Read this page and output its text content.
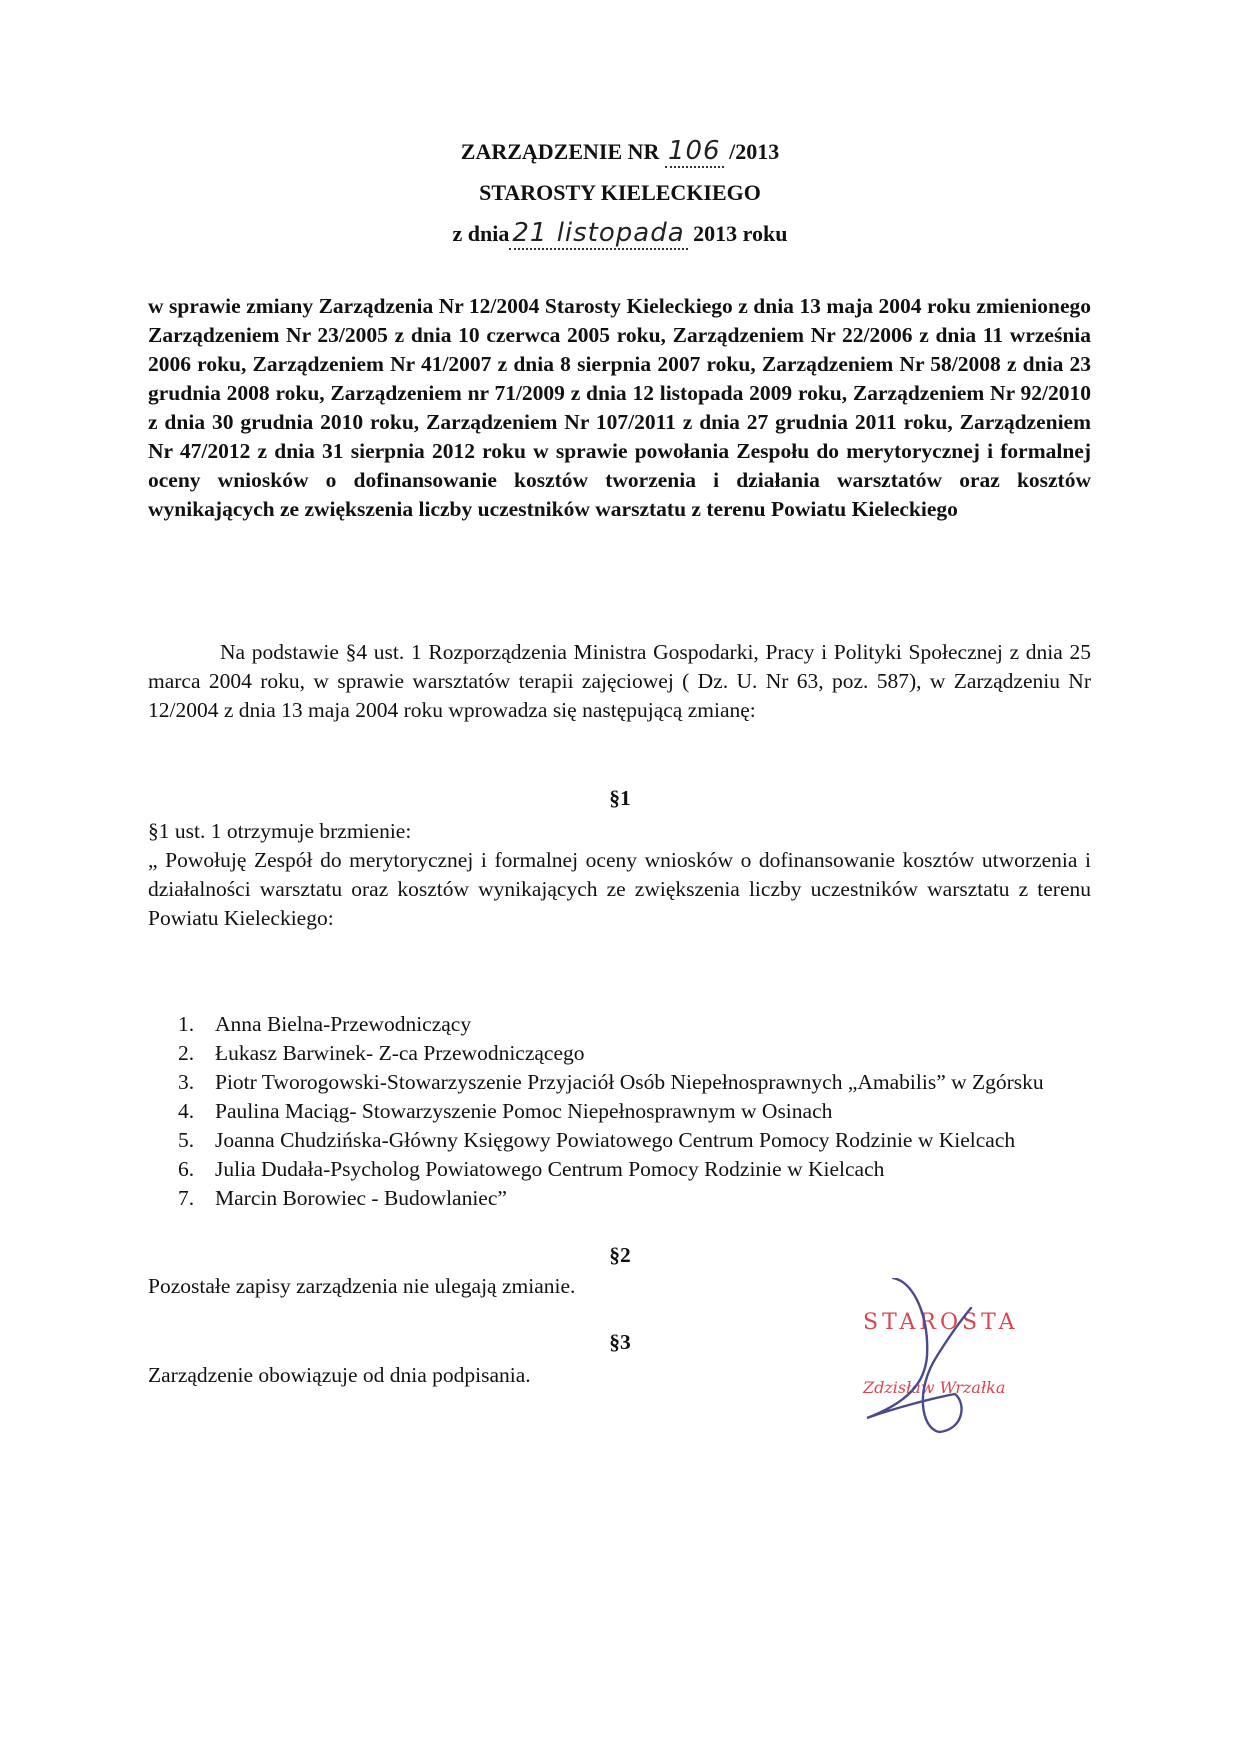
ZARZĄDZENIE NR 106 /2013
STAROSTY KIELECKIEGO
z dnia 21 listopada 2013 roku
w sprawie zmiany Zarządzenia Nr 12/2004 Starosty Kieleckiego z dnia 13 maja 2004 roku zmienionego Zarządzeniem Nr 23/2005 z dnia 10 czerwca 2005 roku, Zarządzeniem Nr 22/2006 z dnia 11 września 2006 roku, Zarządzeniem Nr 41/2007 z dnia 8 sierpnia 2007 roku, Zarządzeniem Nr 58/2008 z dnia 23 grudnia 2008 roku, Zarządzeniem nr 71/2009 z dnia 12 listopada 2009 roku, Zarządzeniem Nr 92/2010 z dnia 30 grudnia 2010 roku, Zarządzeniem Nr 107/2011 z dnia 27 grudnia 2011 roku, Zarządzeniem Nr 47/2012 z dnia 31 sierpnia 2012 roku w sprawie powołania Zespołu do merytorycznej i formalnej oceny wniosków o dofinansowanie kosztów tworzenia i działania warsztatów oraz kosztów wynikających ze zwiększenia liczby uczestników warsztatu z terenu Powiatu Kieleckiego
Na podstawie §4 ust. 1 Rozporządzenia Ministra Gospodarki, Pracy i Polityki Społecznej z dnia 25 marca 2004 roku, w sprawie warsztatów terapii zajęciowej ( Dz. U. Nr 63, poz. 587), w Zarządzeniu Nr 12/2004 z dnia 13 maja 2004 roku wprowadza się następującą zmianę:
§1
§1 ust. 1 otrzymuje brzmienie:
„ Powołuję Zespół do merytorycznej i formalnej oceny wniosków o dofinansowanie kosztów utworzenia i działalności warsztatu oraz kosztów wynikających ze zwiększenia liczby uczestników warsztatu z terenu Powiatu Kieleckiego:
1. Anna Bielna-Przewodniczący
2. Łukasz Barwinek- Z-ca Przewodniczącego
3. Piotr Tworogowski-Stowarzyszenie Przyjaciół Osób Niepełnosprawnych „Amabilis” w Zgórsku
4. Paulina Maciąg- Stowarzyszenie Pomoc Niepełnosprawnym w Osinach
5. Joanna Chudzińska-Główny Księgowy Powiatowego Centrum Pomocy Rodzinie w Kielcach
6. Julia Dudała-Psycholog Powiatowego Centrum Pomocy Rodzinie w Kielcach
7. Marcin Borowiec - Budowlaniec”
§2
Pozostałe zapisy zarządzenia nie ulegają zmianie.
§3
Zarządzenie obowiązuje od dnia podpisania.
STAROSTA
Zdzisław Wrzałka
